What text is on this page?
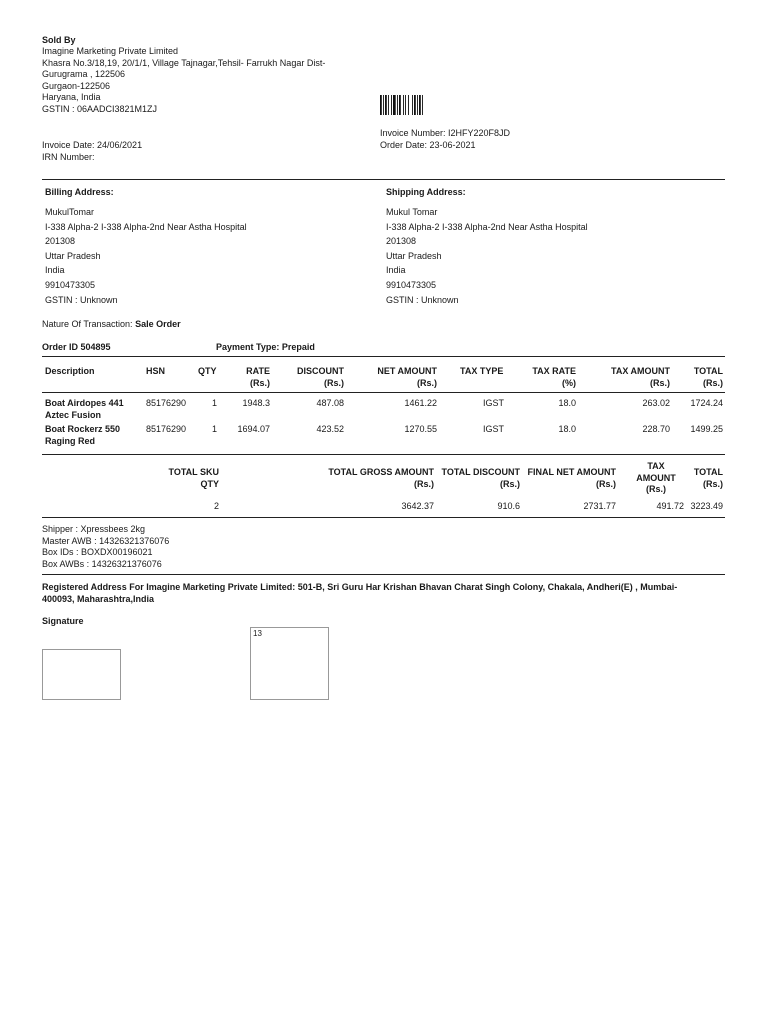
Sold By
Imagine Marketing Private Limited
Khasra No.3/18,19, 20/1/1, Village Tajnagar,Tehsil- Farrukh Nagar Dist-
Gurugrama , 122506
Gurgaon-122506
Haryana, India
GSTIN : 06AADCI3821M1ZJ
Invoice Number: I2HFY220F8JD
Order Date: 23-06-2021
Invoice Date: 24/06/2021
IRN Number:
Billing Address:
MukulTomar
I-338 Alpha-2 I-338 Alpha-2nd Near Astha Hospital
201308
Uttar Pradesh
India
9910473305
GSTIN : Unknown
Shipping Address:
Mukul Tomar
I-338 Alpha-2 I-338 Alpha-2nd Near Astha Hospital
201308
Uttar Pradesh
India
9910473305
GSTIN : Unknown
Nature Of Transaction: Sale Order
Order ID 504895	Payment Type: Prepaid
Description	HSN	QTY	RATE
(Rs.)
DISCOUNT
(Rs.)
NET AMOUNT
(Rs.)
TAX TYPE	TAX RATE
(%)
TAX AMOUNT
(Rs.)
TOTAL
(Rs.)
Boat Airdopes 441
Aztec Fusion
85176290	1	1948.3	487.08	1461.22	IGST	18.0	263.02	1724.24
Boat Rockerz 550
Raging Red
85176290	1	1694.07	423.52	1270.55	IGST	18.0	228.70	1499.25
TOTAL SKU
QTY
TOTAL GROSS AMOUNT
(Rs.)
TOTAL DISCOUNT
(Rs.)
FINAL NET AMOUNT
(Rs.)
TAX
AMOUNT
(Rs.)
TOTAL
(Rs.)
2	3642.37	910.6	2731.77	491.72 3223.49
Shipper : Xpressbees 2kg
Master AWB : 14326321376076
Box IDs : BOXDX00196021
Box AWBs : 14326321376076
Registered Address For Imagine Marketing Private Limited: 501-B, Sri Guru Har Krishan Bhavan Charat Singh Colony, Chakala, Andheri(E) , Mumbai-
400093, Maharashtra,India
Signature
13
